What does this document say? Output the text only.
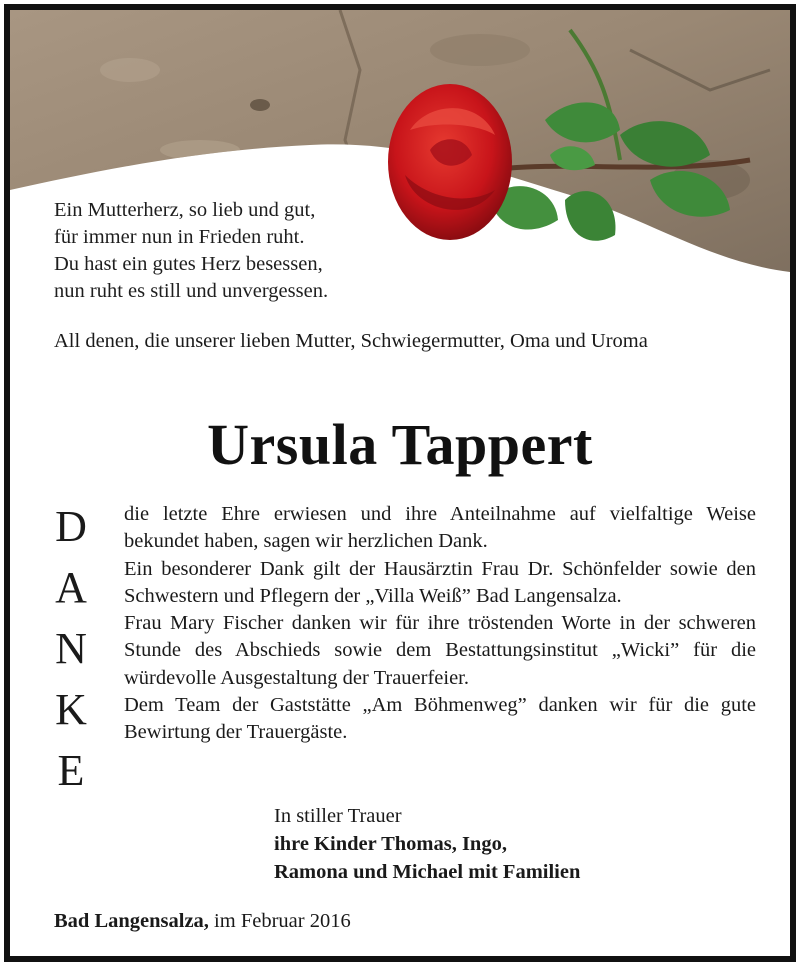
Ein Mutterherz, so lieb und gut,
für immer nun in Frieden ruht.
Du hast ein gutes Herz besessen,
nun ruht es still und unvergessen.
All denen, die unserer lieben Mutter, Schwiegermutter, Oma und Uroma
Ursula Tappert
D
A
N
K
E

die letzte Ehre erwiesen und ihre Anteilnahme auf vielfaltige Weise bekundet haben, sagen wir herzlichen Dank.

Ein besonderer Dank gilt der Hausärztin Frau Dr. Schönfelder sowie den Schwestern und Pflegern der „Villa Weiß” Bad Langensalza.

Frau Mary Fischer danken wir für ihre tröstenden Worte in der schweren Stunde des Abschieds sowie dem Bestattungsinstitut „Wicki” für die würdevolle Ausgestaltung der Trauerfeier.

Dem Team der Gaststätte „Am Böhmenweg” danken wir für die gute Bewirtung der Trauergäste.

In stiller Trauer
ihre Kinder Thomas, Ingo,
Ramona und Michael mit Familien
Bad Langensalza, im Februar 2016
